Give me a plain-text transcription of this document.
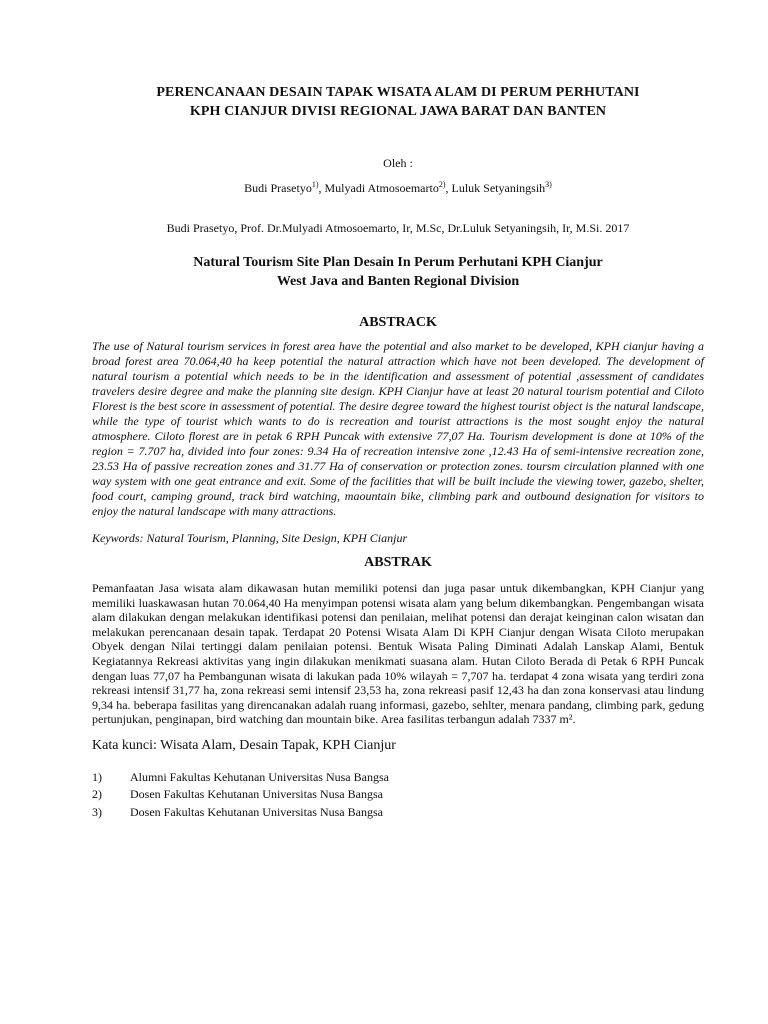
PERENCANAAN DESAIN TAPAK WISATA ALAM DI PERUM PERHUTANI
KPH CIANJUR DIVISI REGIONAL JAWA BARAT DAN BANTEN
Oleh :
Budi Prasetyo$^{1)}$, Mulyadi Atmosoemarto$^{2)}$, Luluk Setyaningsih$^{3)}$
Budi Prasetyo, Prof. Dr.Mulyadi Atmosoemarto, Ir, M.Sc, Dr.Luluk Setyaningsih, Ir, M.Si. 2017
Natural Tourism Site Plan Desain In Perum Perhutani KPH Cianjur
West Java and Banten Regional Division
ABSTRACK
The use of Natural tourism services in forest area have the potential and also market to be developed, KPH cianjur having a broad forest area 70.064,40 ha keep potential the natural attraction which have not been developed. The development of natural tourism a potential which needs to be in the identification and assessment of potential ,assessment of candidates travelers desire degree and make the planning site design. KPH Cianjur have at least 20 natural tourism potential and Ciloto Florest is the best score in assessment of potential. The desire degree toward the highest tourist object is the natural landscape, while the type of tourist which wants to do is recreation and tourist attractions is the most sought enjoy the natural atmosphere. Ciloto florest are in petak 6 RPH Puncak with extensive 77,07 Ha. Tourism development is done at 10% of the region = 7.707 ha, divided into four zones: 9.34 Ha of recreation intensive zone ,12.43 Ha of semi-intensive recreation zone, 23.53 Ha of passive recreation zones and 31.77 Ha of conservation or protection zones. toursm circulation planned with one way system with one geat entrance and exit. Some of the facilities that will be built include the viewing tower, gazebo, shelter, food court, camping ground, track bird watching, maountain bike, climbing park and outbound designation for visitors to enjoy the natural landscape with many attractions.
Keywords: Natural Tourism, Planning, Site Design, KPH Cianjur
ABSTRAK
Pemanfaatan Jasa wisata alam dikawasan hutan memiliki potensi dan juga pasar untuk dikembangkan, KPH Cianjur yang memiliki luaskawasan hutan 70.064,40 Ha menyimpan potensi wisata alam yang belum dikembangkan. Pengembangan wisata alam dilakukan dengan melakukan identifikasi potensi dan penilaian, melihat potensi dan derajat keinginan calon wisatan dan melakukan perencanaan desain tapak. Terdapat 20 Potensi Wisata Alam Di KPH Cianjur dengan Wisata Ciloto merupakan Obyek dengan Nilai tertinggi dalam penilaian potensi. Bentuk Wisata Paling Diminati Adalah Lanskap Alami, Bentuk Kegiatannya Rekreasi aktivitas yang ingin dilakukan menikmati suasana alam. Hutan Ciloto Berada di Petak 6 RPH Puncak dengan luas 77,07 ha Pembangunan wisata di lakukan pada 10% wilayah = 7,707 ha. terdapat 4 zona wisata yang terdiri zona rekreasi intensif 31,77 ha, zona rekreasi semi intensif 23,53 ha, zona rekreasi pasif 12,43 ha dan zona konservasi atau lindung 9,34 ha. beberapa fasilitas yang direncanakan adalah ruang informasi, gazebo, sehlter, menara pandang, climbing park, gedung pertunjukan, penginapan, bird watching dan mountain bike. Area fasilitas terbangun adalah 7337 m².
Kata kunci: Wisata Alam, Desain Tapak, KPH Cianjur
1)	Alumni Fakultas Kehutanan Universitas Nusa Bangsa
2)	Dosen Fakultas Kehutanan Universitas Nusa Bangsa
3)	Dosen Fakultas Kehutanan Universitas Nusa Bangsa
